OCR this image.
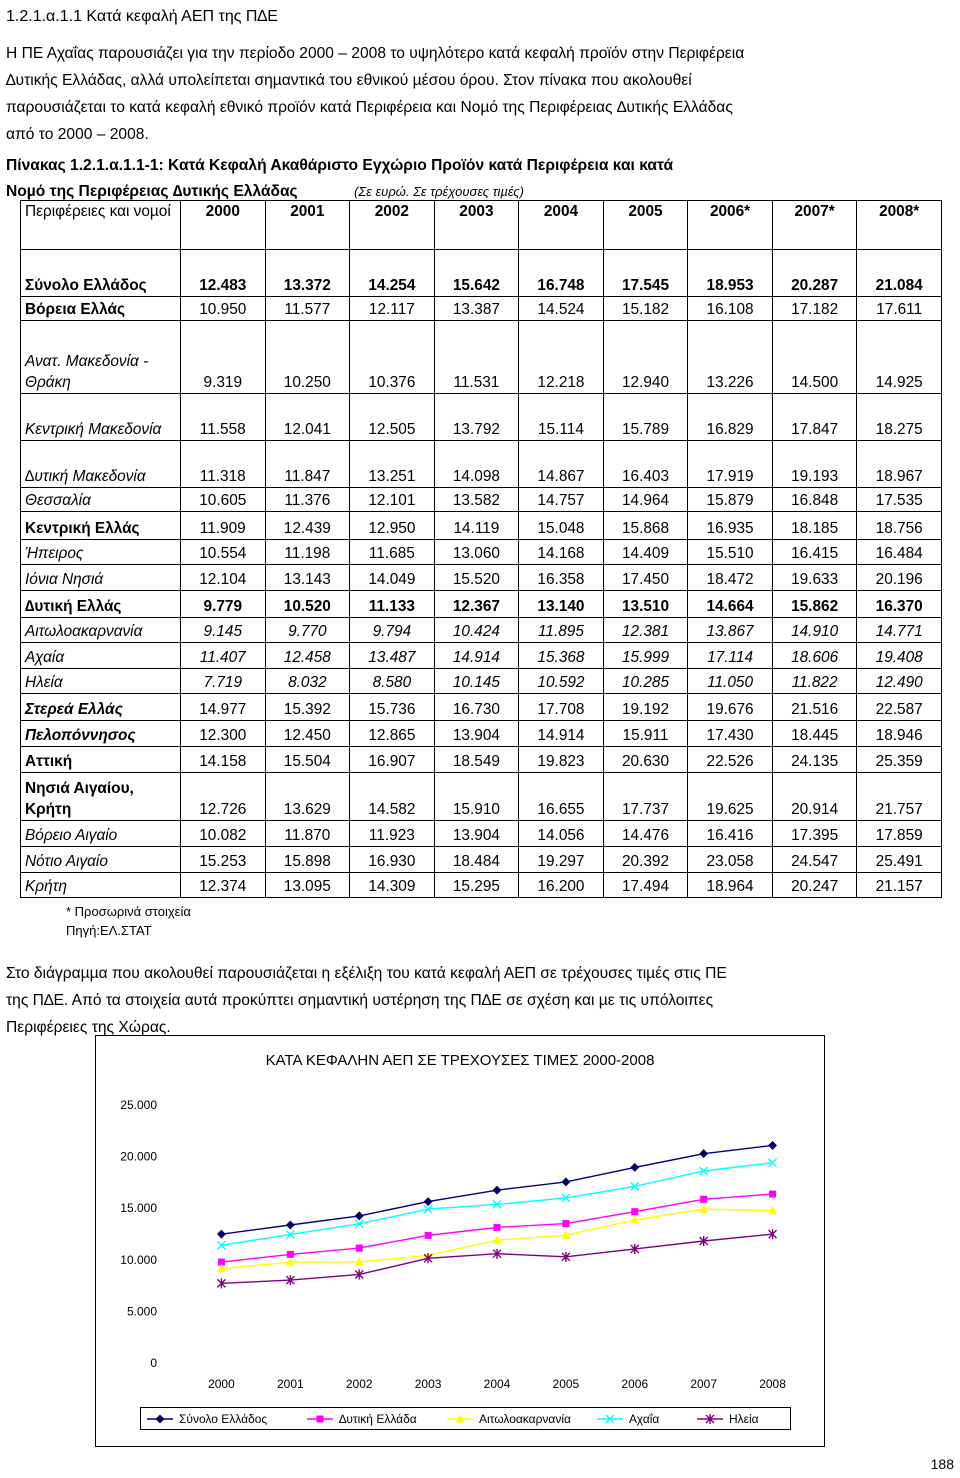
1.2.1.α.1.1 Κατά κεφαλή ΑΕΠ της Π∆Ε
Η ΠΕ Αχαΐας παρουσιάζει για την περίοδο 2000 – 2008 το υψηλότερο κατά κεφαλή προϊόν στην Περιφέρεια
∆υτικής Ελλάδας, αλλά υπολείπεται σηµαντικά του εθνικού µέσου όρου. Στον πίνακα που ακολουθεί
παρουσιάζεται το κατά κεφαλή εθνικό προϊόν κατά Περιφέρεια και Νοµό της Περιφέρειας ∆υτικής Ελλάδας
από το 2000 – 2008.
Πίνακας 1.2.1.α.1.1-1: Κατά Κεφαλή Ακαθάριστο Εγχώριο Προϊόν κατά Περιφέρεια και κατά
Νοµό της Περιφέρειας ∆υτικής Ελλάδας	(Σε ευρώ. Σε τρέχουσες τιµές)
Περιφέρειες και νοµοί	2000	2001	2002	2003	2004	2005	2006*	2007*	2008*
Σύνολο Ελλάδος	12.483	13.372	14.254	15.642	16.748	17.545	18.953	20.287	21.084
Βόρεια Ελλάς	10.950	11.577	12.117	13.387	14.524	15.182	16.108	17.182	17.611
Ανατ. Μακεδονία - Θράκη	9.319	10.250	10.376	11.531	12.218	12.940	13.226	14.500	14.925
Κεντρική Μακεδονία	11.558	12.041	12.505	13.792	15.114	15.789	16.829	17.847	18.275
∆υτική Μακεδονία	11.318	11.847	13.251	14.098	14.867	16.403	17.919	19.193	18.967
Θεσσαλία	10.605	11.376	12.101	13.582	14.757	14.964	15.879	16.848	17.535
Κεντρική Ελλάς	11.909	12.439	12.950	14.119	15.048	15.868	16.935	18.185	18.756
Ήπειρος	10.554	11.198	11.685	13.060	14.168	14.409	15.510	16.415	16.484
Ιόνια Νησιά	12.104	13.143	14.049	15.520	16.358	17.450	18.472	19.633	20.196
∆υτική Ελλάς	9.779	10.520	11.133	12.367	13.140	13.510	14.664	15.862	16.370
Αιτωλοακαρνανία	9.145	9.770	9.794	10.424	11.895	12.381	13.867	14.910	14.771
Αχαία	11.407	12.458	13.487	14.914	15.368	15.999	17.114	18.606	19.408
Ηλεία	7.719	8.032	8.580	10.145	10.592	10.285	11.050	11.822	12.490
Στερεά Ελλάς	14.977	15.392	15.736	16.730	17.708	19.192	19.676	21.516	22.587
Πελοπόννησος	12.300	12.450	12.865	13.904	14.914	15.911	17.430	18.445	18.946
Αττική	14.158	15.504	16.907	18.549	19.823	20.630	22.526	24.135	25.359
Νησιά Αιγαίου, Κρήτη	12.726	13.629	14.582	15.910	16.655	17.737	19.625	20.914	21.757
Βόρειο Αιγαίο	10.082	11.870	11.923	13.904	14.056	14.476	16.416	17.395	17.859
Νότιο Αιγαίο	15.253	15.898	16.930	18.484	19.297	20.392	23.058	24.547	25.491
Κρήτη	12.374	13.095	14.309	15.295	16.200	17.494	18.964	20.247	21.157
* Προσωρινά στοιχεία
Πηγή:ΕΛ.ΣΤΑΤ
Στο διάγραµµα που ακολουθεί παρουσιάζεται η εξέλιξη του κατά κεφαλή ΑΕΠ σε τρέχουσες τιµές στις ΠΕ
της Π∆Ε. Από τα στοιχεία αυτά προκύπτει σηµαντική υστέρηση της Π∆Ε σε σχέση και µε τις υπόλοιπες
Περιφέρειες της Χώρας.
ΚΑΤΑ ΚΕΦΑΛΗΝ ΑΕΠ ΣΕ ΤΡΕΧΟΥΣΕΣ ΤΙΜΕΣ 2000-2008
0
5.000
10.000
15.000
20.000
25.000
2000	2001	2002	2003	2004	2005	2006	2007	2008
Σύνολο Ελλάδος	∆υτική Ελλάδα	Αιτωλοακαρνανία	Αχαΐα	Ηλεία
188
